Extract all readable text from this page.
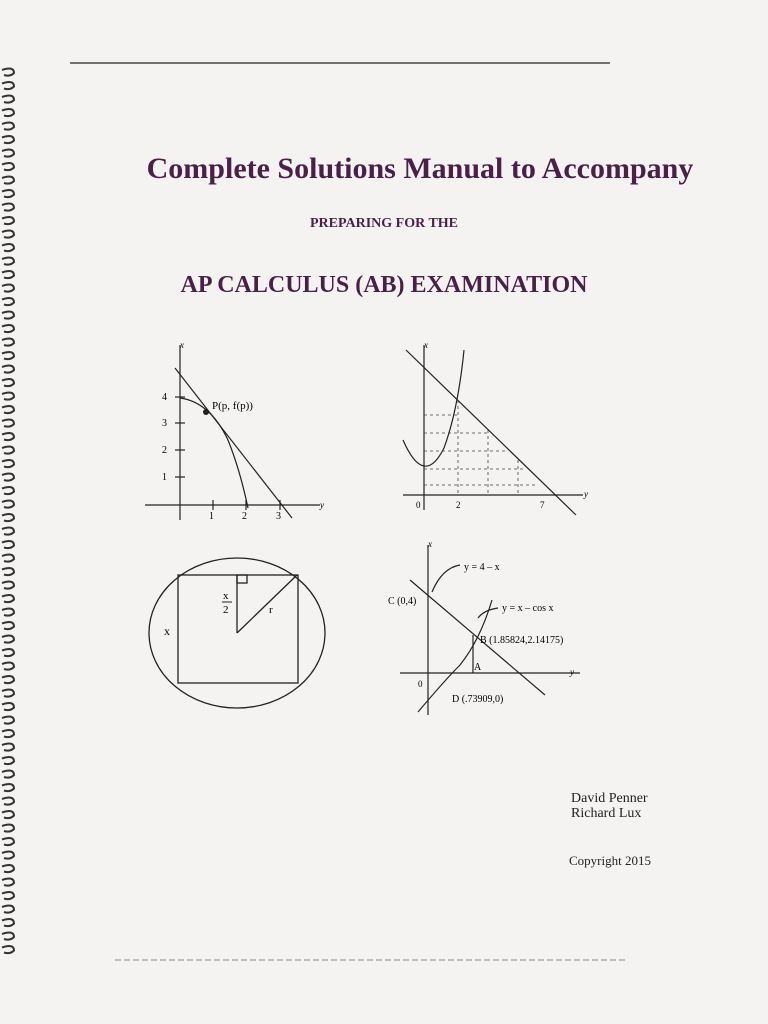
Complete Solutions Manual to Accompany
PREPARING FOR THE
AP CALCULUS (AB) EXAMINATION
x
y
P(p, f(p))
1
2
3
4
1	2	3
x
y
0	2	7
x
x
2	r
x
y
y = 4 – x
y = x – cos x
C (0,4)
B (1.85824,2.14175)
D (.73909,0)
A
0
David Penner
Richard Lux
Copyright 2015
